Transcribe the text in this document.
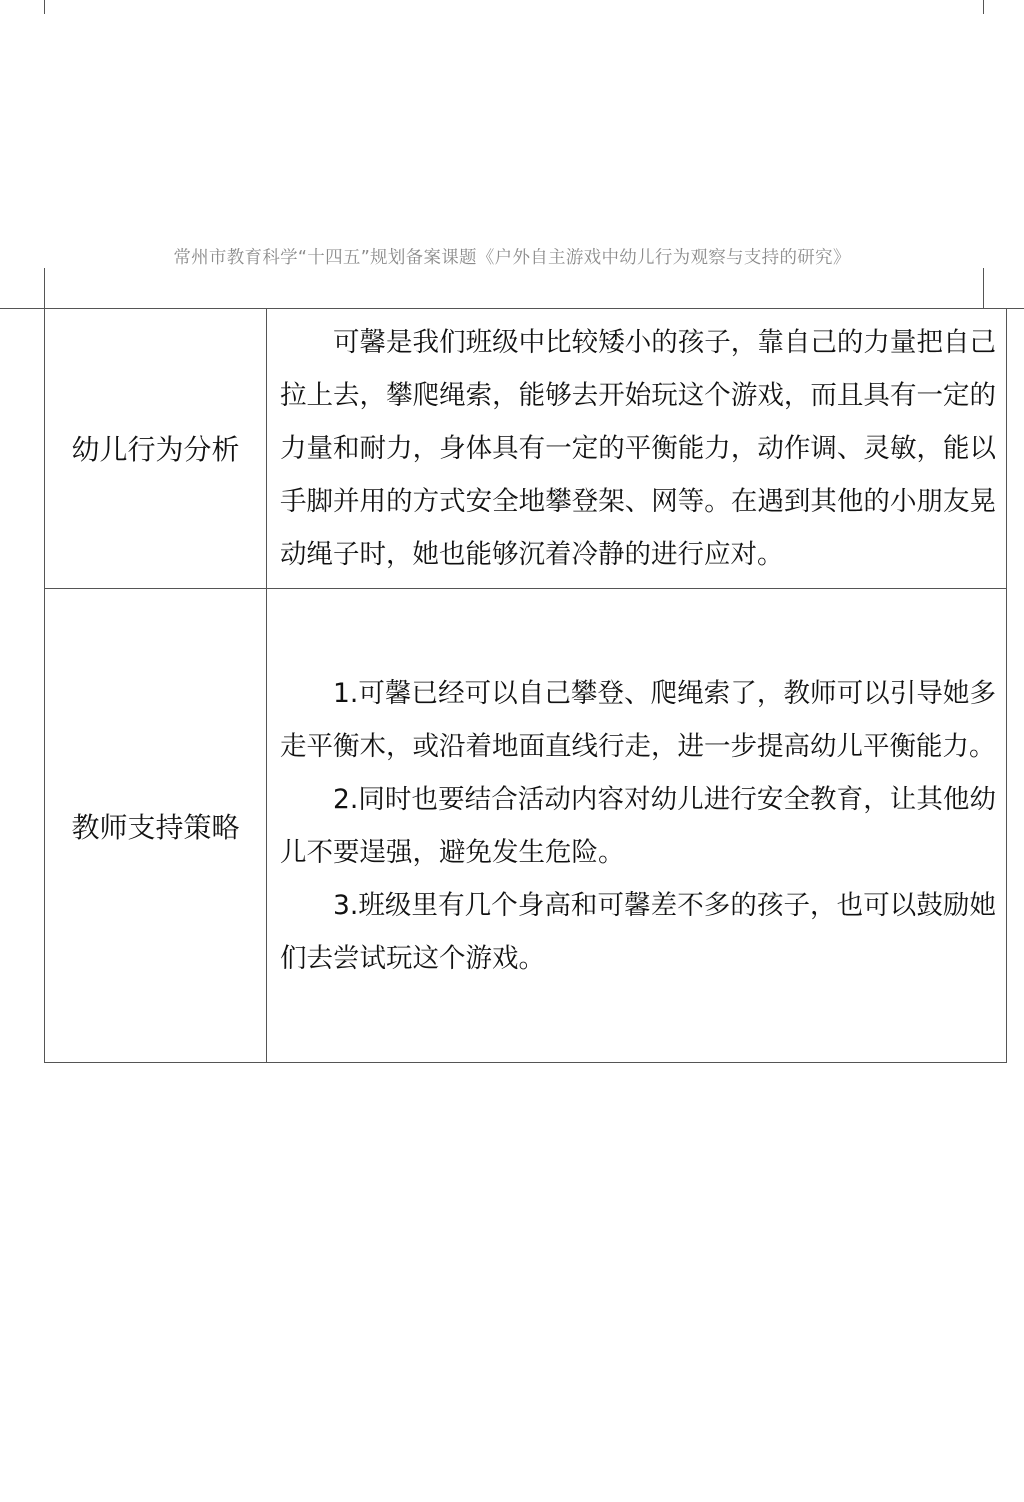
常州市教育科学“十四五”规划备案课题《户外自主游戏中幼儿行为观察与支持的研究》
幼儿行为分析	可馨是我们班级中比较矮小的孩子，靠自己的力量把自己拉上去，攀爬绳索，能够去开始玩这个游戏，而且具有一定的力量和耐力，身体具有一定的平衡能力，动作调、灵敏，能以手脚并用的方式安全地攀登架、网等。在遇到其他的小朋友晃动绳子时，她也能够沉着冷静的进行应对。

教师支持策略	1.可馨已经可以自己攀登、爬绳索了，教师可以引导她多走平衡木，或沿着地面直线行走，进一步提高幼儿平衡能力。

2.同时也要结合活动内容对幼儿进行安全教育，让其他幼儿不要逞强，避免发生危险。

3.班级里有几个身高和可馨差不多的孩子，也可以鼓励她们去尝试玩这个游戏。
